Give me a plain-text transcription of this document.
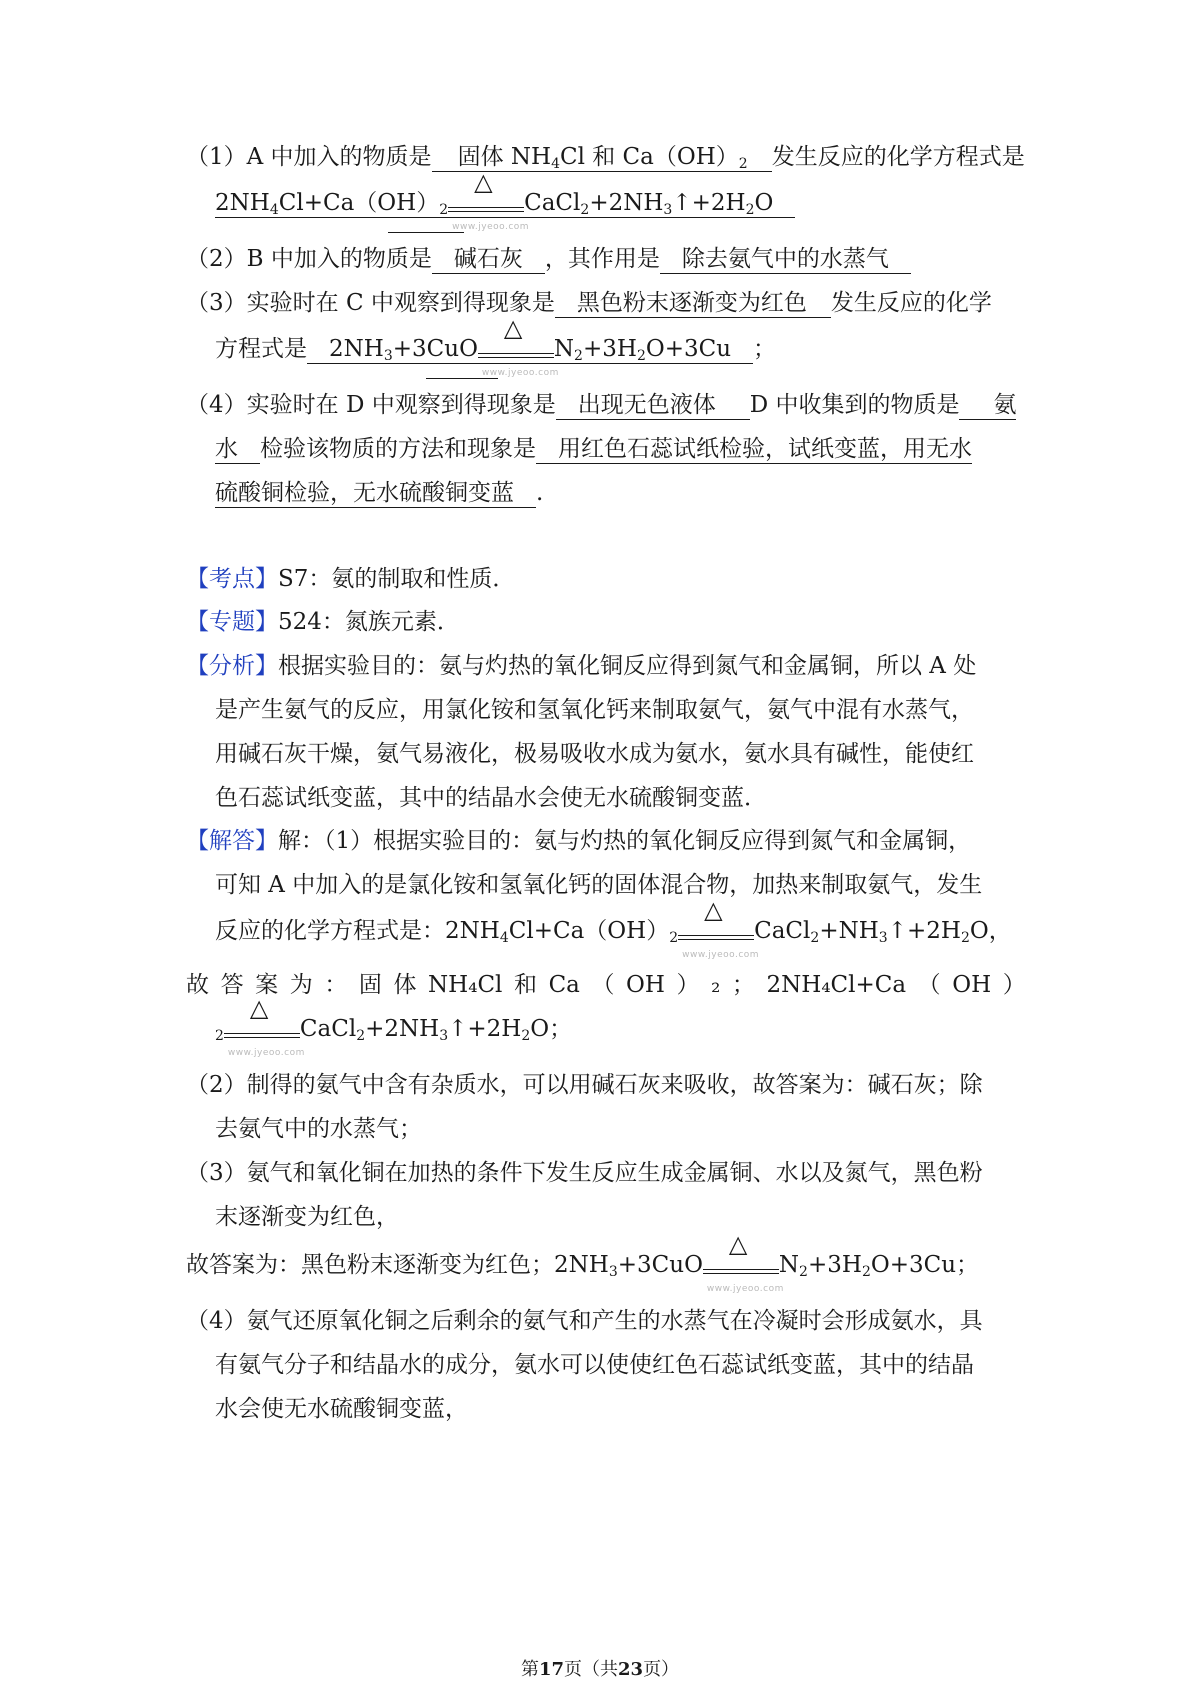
（1）A 中加入的物质是 固体 $NH_4Cl$ 和 $Ca(OH)_2$ 发生反应的化学方程式是
$2NH_4Cl+Ca(OH)_2$
△
www.jyeoo.com
$CaCl_2+2NH_3↑+2H_2O$
（2）B 中加入的物质是 碱石灰 ，其作用是 除去氨气中的水蒸气
（3）实验时在 C 中观察到得现象是 黑色粉末逐渐变为红色 发生反应的化学
方程式是 $2NH_3+3CuO$
△
www.jyeoo.com
$N_2+3H_2O+3Cu$ ；
（4）实验时在 D 中观察到得现象是 出现无色液体 D 中收集到的物质是 氨
水 检验该物质的方法和现象是 用红色石蕊试纸检验，试纸变蓝，用无水
硫酸铜检验，无水硫酸铜变蓝 .
【考点】S7：氨的制取和性质．
【专题】524：氮族元素．
【分析】根据实验目的：氨与灼热的氧化铜反应得到氮气和金属铜，所以 A 处
是产生氨气的反应，用氯化铵和氢氧化钙来制取氨气，氨气中混有水蒸气，
用碱石灰干燥，氨气易液化，极易吸收水成为氨水，氨水具有碱性，能使红
色石蕊试纸变蓝，其中的结晶水会使无水硫酸铜变蓝．
【解答】解：（1）根据实验目的：氨与灼热的氧化铜反应得到氮气和金属铜，
可知 A 中加入的是氯化铵和氢氧化钙的固体混合物，加热来制取氨气，发生
反应的化学方程式是：$2NH_4Cl+Ca(OH)_2$
△
www.jyeoo.com
$CaCl_2+NH_3↑+2H_2O$，
故 答 案 为 ： 固 体 NH₄Cl 和 Ca （ OH ） ₂ ； 2NH₄Cl+Ca （ OH ）
$_2$
△
www.jyeoo.com
$CaCl_2+2NH_3↑+2H_2O$；
（2）制得的氨气中含有杂质水，可以用碱石灰来吸收，故答案为：碱石灰；除
去氨气中的水蒸气；
（3）氨气和氧化铜在加热的条件下发生反应生成金属铜、水以及氮气，黑色粉
末逐渐变为红色，
故答案为：黑色粉末逐渐变为红色；$2NH_3+3CuO$
△
www.jyeoo.com
$N_2+3H_2O+3Cu$；
（4）氨气还原氧化铜之后剩余的氨气和产生的水蒸气在冷凝时会形成氨水，具
有氨气分子和结晶水的成分，氨水可以使使红色石蕊试纸变蓝，其中的结晶
水会使无水硫酸铜变蓝，
第17页（共23页）
